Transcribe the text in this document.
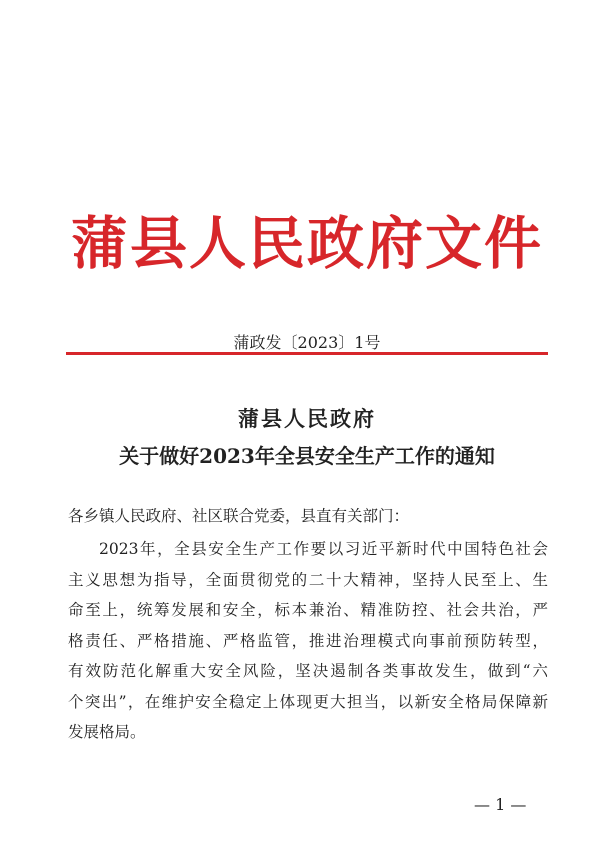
蒲县人民政府文件
蒲政发〔2023〕1号
蒲县人民政府
关于做好2023年全县安全生产工作的通知
各乡镇人民政府、社区联合党委，县直有关部门：
2023年，全县安全生产工作要以习近平新时代中国特色社会
主义思想为指导，全面贯彻党的二十大精神，坚持人民至上、生
命至上，统筹发展和安全，标本兼治、精准防控、社会共治，严
格责任、严格措施、严格监管，推进治理模式向事前预防转型，
有效防范化解重大安全风险，坚决遏制各类事故发生，做到“六
个突出”，在维护安全稳定上体现更大担当，以新安全格局保障新
发展格局。
— 1 —
